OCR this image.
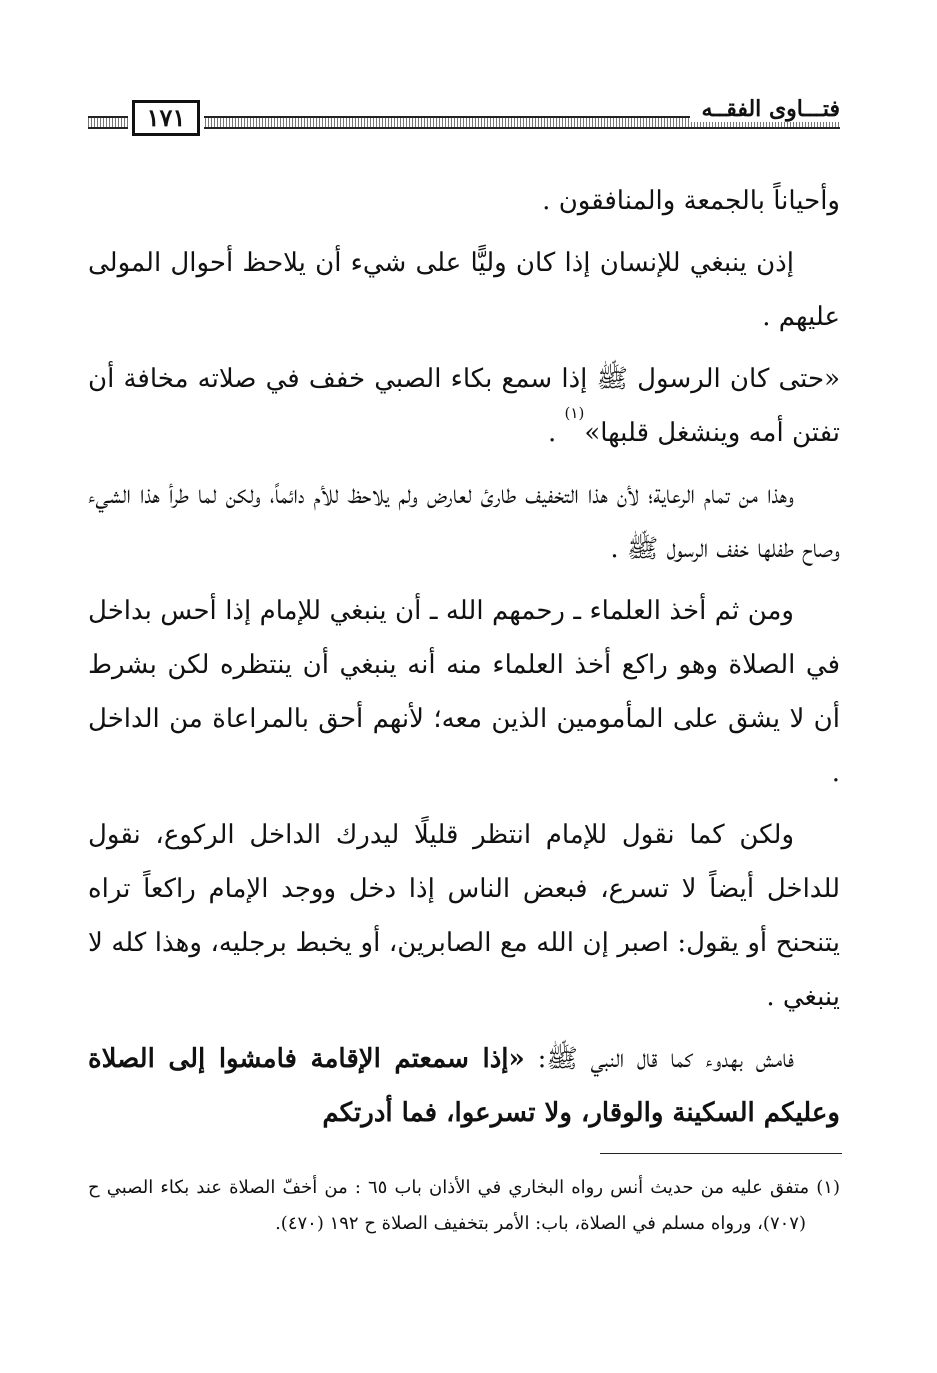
فتـــاوى الفقــه
١٧١

وأحياناً بالجمعة والمنافقون .

إذن ينبغي للإنسان إذا كان وليًّا على شيء أن يلاحظ أحوال المولى عليهم .

«حتى كان الرسول ﷺ إذا سمع بكاء الصبي خفف في صلاته مخافة أن تفتن أمه وينشغل قلبها»$^{(١)}$ .

وهذا من تمام الرعاية؛ لأن هذا التخفيف طارئ لعارض ولم يلاحظ للأم دائماً، ولكن لما طرأ هذا الشيء وصاح طفلها خفف الرسول ﷺ .

ومن ثم أخذ العلماء ـ رحمهم الله ـ أن ينبغي للإمام إذا أحس بداخل في الصلاة وهو راكع أخذ العلماء منه أنه ينبغي أن ينتظره لكن بشرط أن لا يشق على المأمومين الذين معه؛ لأنهم أحق بالمراعاة من الداخل .

ولكن كما نقول للإمام انتظر قليلًا ليدرك الداخل الركوع، نقول للداخل أيضاً لا تسرع، فبعض الناس إذا دخل ووجد الإمام راكعاً تراه يتنحنح أو يقول: اصبر إن الله مع الصابرين، أو يخبط برجليه، وهذا كله لا ينبغي .

فامش بهدوء كما قال النبي ﷺ: «إذا سمعتم الإقامة فامشوا إلى الصلاة وعليكم السكينة والوقار، ولا تسرعوا، فما أدرتكم

(١) متفق عليه من حديث أنس رواه البخاري في الأذان باب ٦٥ : من أخفّ الصلاة عند بكاء الصبي ح (٧٠٧)، ورواه مسلم في الصلاة، باب: الأمر بتخفيف الصلاة ح ١٩٢ (٤٧٠).
